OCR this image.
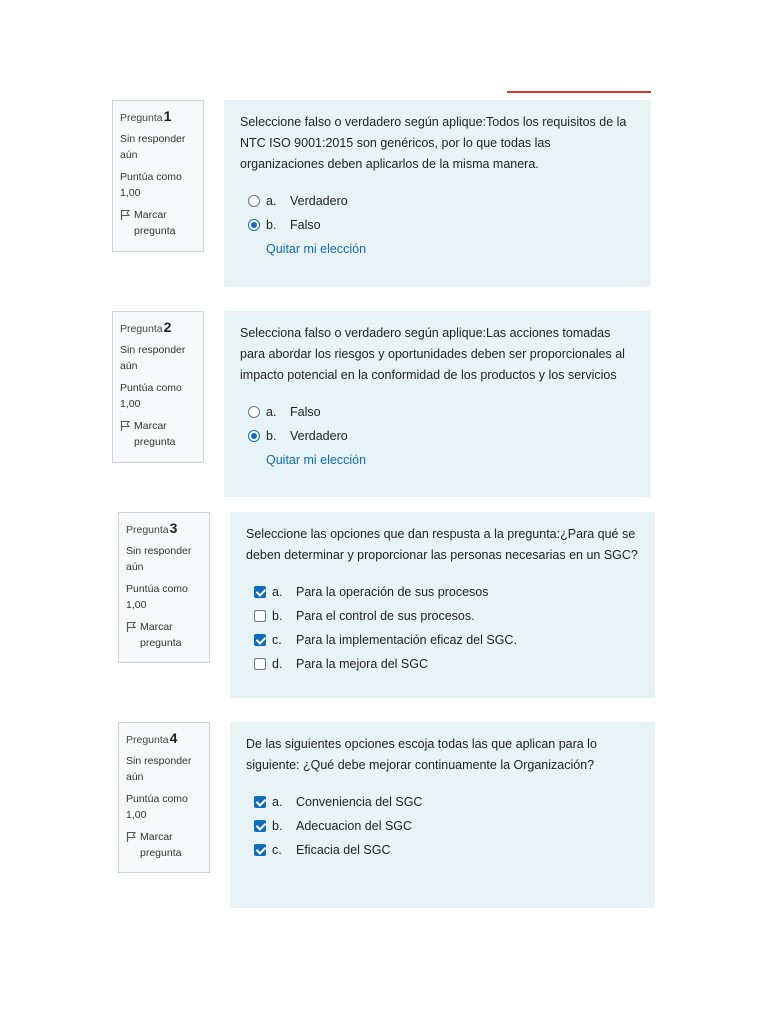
Pregunta1
Sin responder aún
Puntúa como 1,00
Marcar pregunta
Seleccione falso o verdadero según aplique:Todos los requisitos de la NTC ISO 9001:2015 son genéricos, por lo que todas las organizaciones deben aplicarlos de la misma manera.
a.	Verdadero
b.	Falso
Quitar mi elección
Pregunta2
Sin responder aún
Puntúa como 1,00
Marcar pregunta
Selecciona falso o verdadero según aplique:Las acciones tomadas para abordar los riesgos y oportunidades deben ser proporcionales al impacto potencial en la conformidad de los productos y los servicios
a.	Falso
b.	Verdadero
Quitar mi elección
Pregunta3
Sin responder aún
Puntúa como 1,00
Marcar pregunta
Seleccione las opciones que dan respusta a la pregunta:¿Para qué se deben determinar y proporcionar las personas necesarias en un SGC?
a.	Para la operación de sus procesos
b.	Para el control de sus procesos.
c.	Para la implementación eficaz del SGC.
d.	Para la mejora del SGC
Pregunta4
Sin responder aún
Puntúa como 1,00
Marcar pregunta
De las siguientes opciones escoja todas las que aplican para lo siguiente: ¿Qué debe mejorar continuamente la Organización?
a.	Conveniencia del SGC
b.	Adecuacion del SGC
c.	Eficacia del SGC
